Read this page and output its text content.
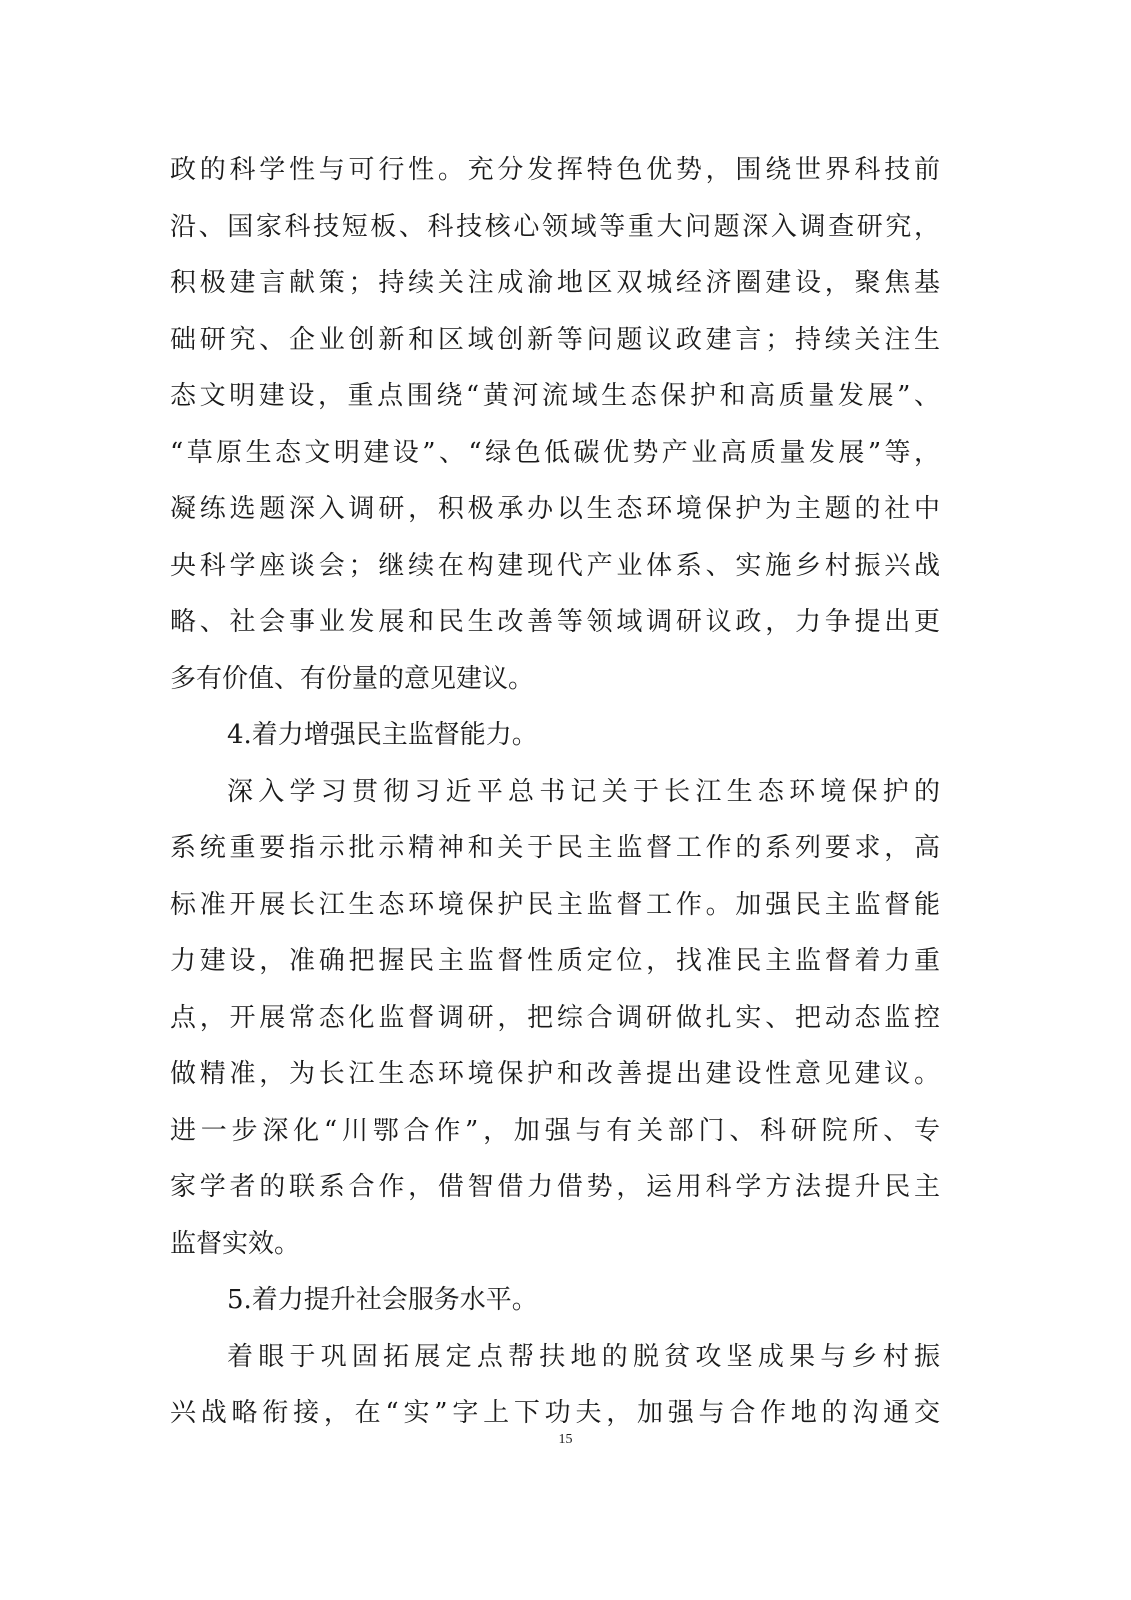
政的科学性与可行性。充分发挥特色优势，围绕世界科技前
沿、国家科技短板、科技核心领域等重大问题深入调查研究，
积极建言献策；持续关注成渝地区双城经济圈建设，聚焦基
础研究、企业创新和区域创新等问题议政建言；持续关注生
态文明建设，重点围绕“黄河流域生态保护和高质量发展”、
“草原生态文明建设”、“绿色低碳优势产业高质量发展”等，
凝练选题深入调研，积极承办以生态环境保护为主题的社中
央科学座谈会；继续在构建现代产业体系、实施乡村振兴战
略、社会事业发展和民生改善等领域调研议政，力争提出更
多有价值、有份量的意见建议。
4.着力增强民主监督能力。
深入学习贯彻习近平总书记关于长江生态环境保护的
系统重要指示批示精神和关于民主监督工作的系列要求，高
标准开展长江生态环境保护民主监督工作。加强民主监督能
力建设，准确把握民主监督性质定位，找准民主监督着力重
点，开展常态化监督调研，把综合调研做扎实、把动态监控
做精准，为长江生态环境保护和改善提出建设性意见建议。
进一步深化“川鄂合作”，加强与有关部门、科研院所、专
家学者的联系合作，借智借力借势，运用科学方法提升民主
监督实效。
5.着力提升社会服务水平。
着眼于巩固拓展定点帮扶地的脱贫攻坚成果与乡村振
兴战略衔接，在“实”字上下功夫，加强与合作地的沟通交
15
